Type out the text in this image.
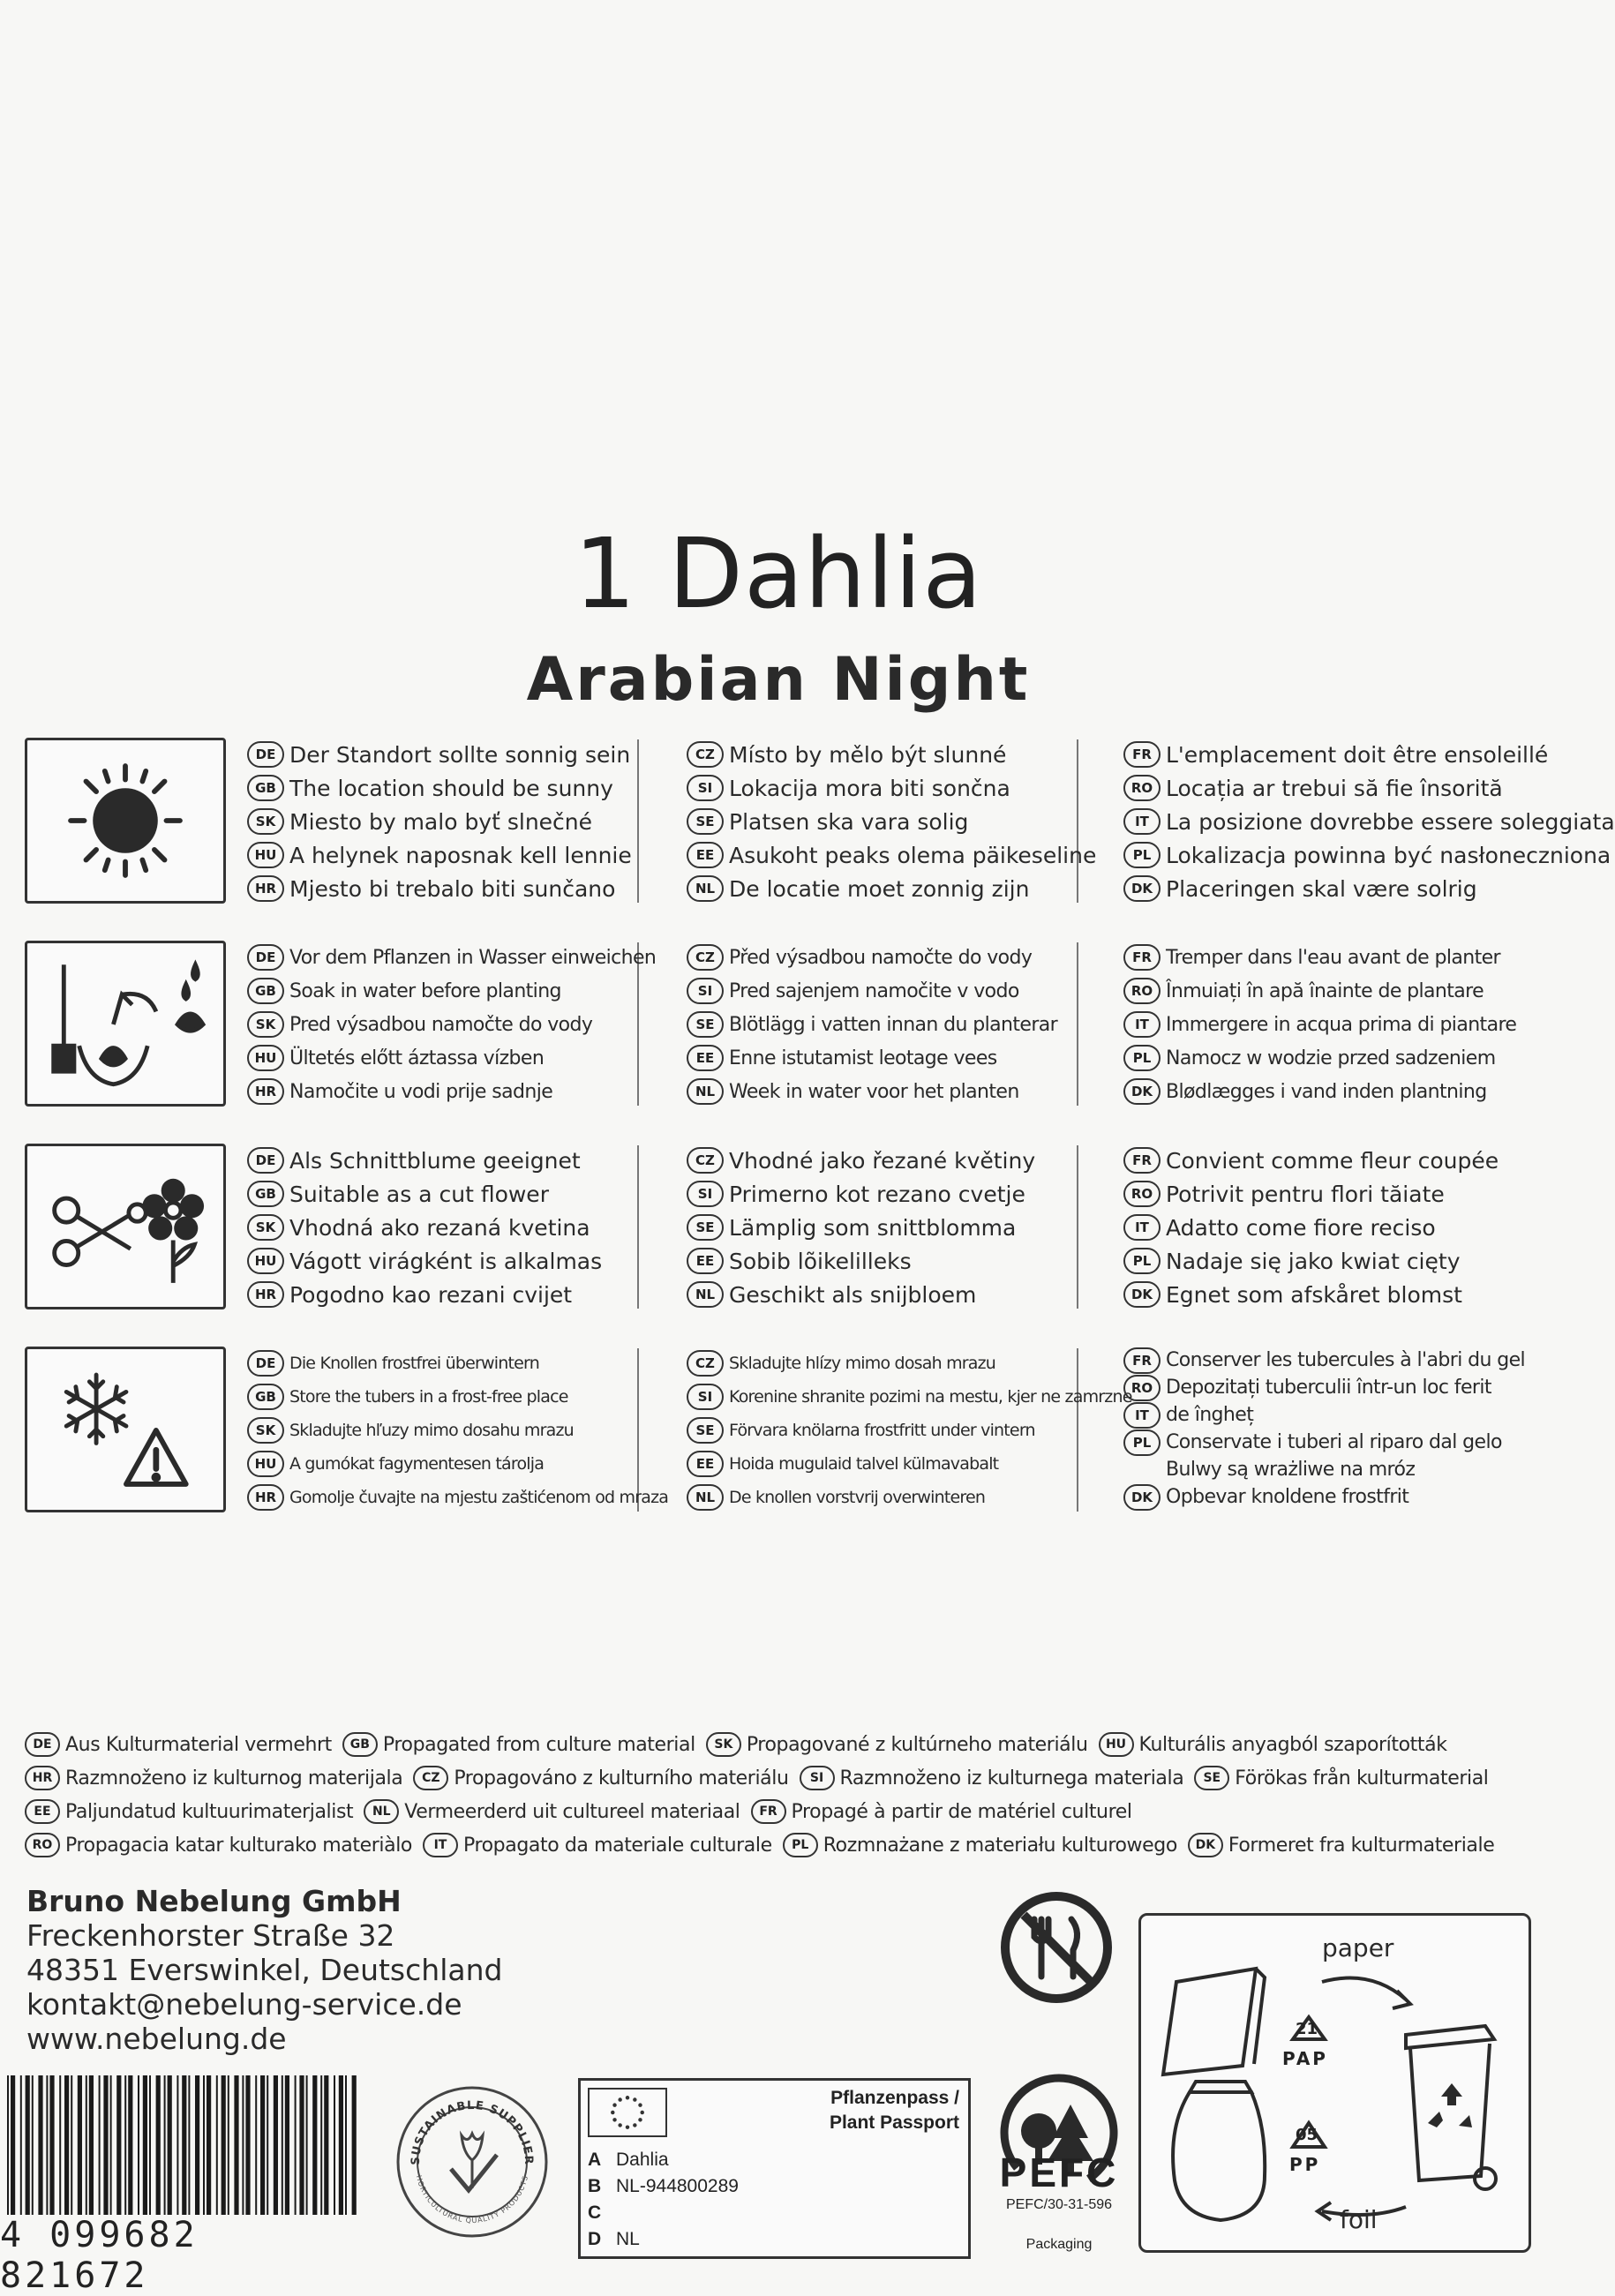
1 Dahlia
Arabian Night
DE Der Standort sollte sonnig sein
GB The location should be sunny
SK Miesto by malo byť slnečné
HU A helynek naposnak kell lennie
HR Mjesto bi trebalo biti sunčano
CZ Místo by mělo být slunné
SI Lokacija mora biti sončna
SE Platsen ska vara solig
EE Asukoht peaks olema päikeseline
NL De locatie moet zonnig zijn
FR L'emplacement doit être ensoleillé
RO Locația ar trebui să fie însorită
IT La posizione dovrebbe essere soleggiata
PL Lokalizacja powinna być nasłoneczniona
DK Placeringen skal være solrig
DE Vor dem Pflanzen in Wasser einweichen
GB Soak in water before planting
SK Pred výsadbou namočte do vody
HU Ültetés előtt áztassa vízben
HR Namočite u vodi prije sadnje
CZ Před výsadbou namočte do vody
SI Pred sajenjem namočite v vodo
SE Blötlägg i vatten innan du planterar
EE Enne istutamist leotage vees
NL Week in water voor het planten
FR Tremper dans l'eau avant de planter
RO Înmuiați în apă înainte de plantare
IT Immergere in acqua prima di piantare
PL Namocz w wodzie przed sadzeniem
DK Blødlægges i vand inden plantning
DE Als Schnittblume geeignet
GB Suitable as a cut flower
SK Vhodná ako rezaná kvetina
HU Vágott virágként is alkalmas
HR Pogodno kao rezani cvijet
CZ Vhodné jako řezané květiny
SI Primerno kot rezano cvetje
SE Lämplig som snittblomma
EE Sobib lõikelilleks
NL Geschikt als snijbloem
FR Convient comme fleur coupée
RO Potrivit pentru flori tăiate
IT Adatto come fiore reciso
PL Nadaje się jako kwiat cięty
DK Egnet som afskåret blomst
DE Die Knollen frostfrei überwintern
GB Store the tubers in a frost-free place
SK Skladujte hľuzy mimo dosahu mrazu
HU A gumókat fagymentesen tárolja
HR Gomolje čuvajte na mjestu zaštićenom od mraza
CZ Skladujte hlízy mimo dosah mrazu
SI Korenine shranite pozimi na mestu, kjer ne zamrzne
SE Förvara knölarna frostfritt under vintern
EE Hoida mugulaid talvel külmavabalt
NL De knollen vorstvrij overwinteren
FR Conserver les tubercules à l'abri du gel
RO Depozitați tuberculii într-un loc ferit
IT de îngheț
PL Conservate i tuberi al riparo dal gelo
Bulwy są wrażliwe na mróz
DK Opbevar knoldene frostfrit
DE Aus Kulturmaterial vermehrt	GB Propagated from culture material	SK Propagované z kultúrneho materiálu	HU Kulturális anyagból szaporították
HR Razmnoženo iz kulturnog materijala	CZ Propagováno z kulturního materiálu	SI Razmnoženo iz kulturnega materiala	SE Förökas från kulturmaterial
EE Paljundatud kultuurimaterjalist	NL Vermeerderd uit cultureel materiaal	FR Propagé à partir de matériel culturel
RO Propagacia katar kulturako materiàlo	IT Propagato da materiale culturale	PL Rozmnażane z materiału kulturowego	DK Formeret fra kulturmateriale
Bruno Nebelung GmbH
Freckenhorster Straße 32
48351 Everswinkel, Deutschland
kontakt@nebelung-service.de
www.nebelung.de
4 099682 821672
SUSTAINABLE SUPPLIER
HORTICULTURAL QUALITY PRODUCTS
Pflanzenpass /
Plant Passport
A Dahlia
B NL-944800289
C
D NL
PEFC
PEFC/30-31-596
Packaging
paper
foil
21
PAP
05
PP
